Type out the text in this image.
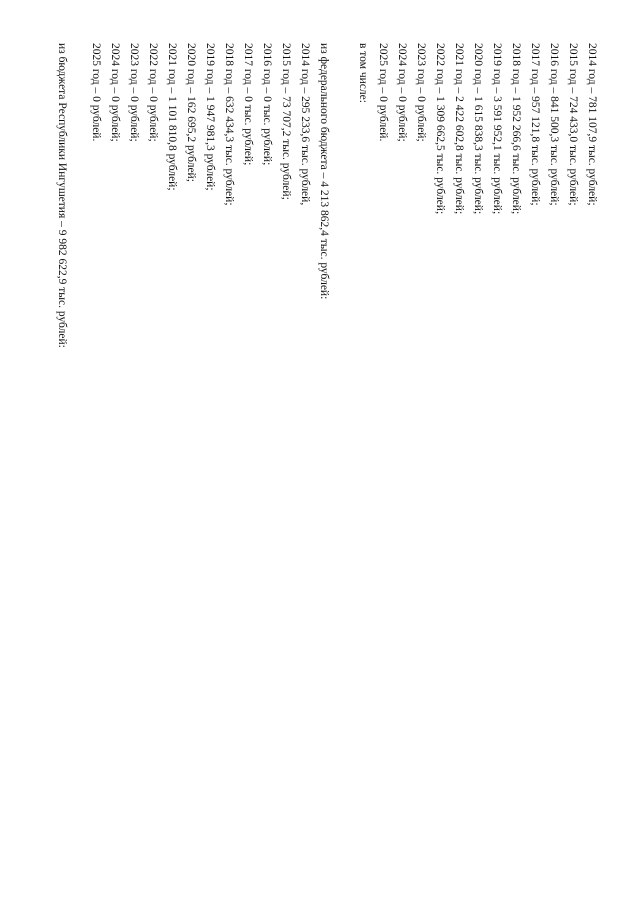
2014 год – 781 107,9 тыс. рублей;
2015 год – 724 433,0 тыс. рублей;
2016 год – 841 500,3 тыс. рублей;
2017 год – 957 121,8 тыс. рублей;
2018 год – 1 952 266,6 тыс. рублей;
2019 год – 3 591 952,1 тыс. рублей;
2020 год – 1 615 838,3 тыс. рублей;
2021 год – 2 422 602,8 тыс. рублей;
2022 год – 1 309 662,5 тыс. рублей;
2023 год – 0 рублей;
2024 год – 0 рублей;
2025 год – 0 рублей.
в том числе:
из федерального бюджета – 4 213 862,4 тыс. рублей:
2014 год – 295 233,6 тыс. рублей,
2015 год – 73 707,2 тыс. рублей;
2016 год – 0 тыс. рублей;
2017 год – 0 тыс. рублей;
2018 год – 632 434,3 тыс. рублей;
2019 год – 1 947 981,3 рублей;
2020 год – 162 695,2 рублей;
2021 год – 1 101 810,8 рублей;
2022 год – 0 рублей;
2023 год – 0 рублей;
2024 год – 0 рублей;
2025 год – 0 рублей.
из бюджета Республики Ингушетия – 9 982 622,9 тыс. рублей:
